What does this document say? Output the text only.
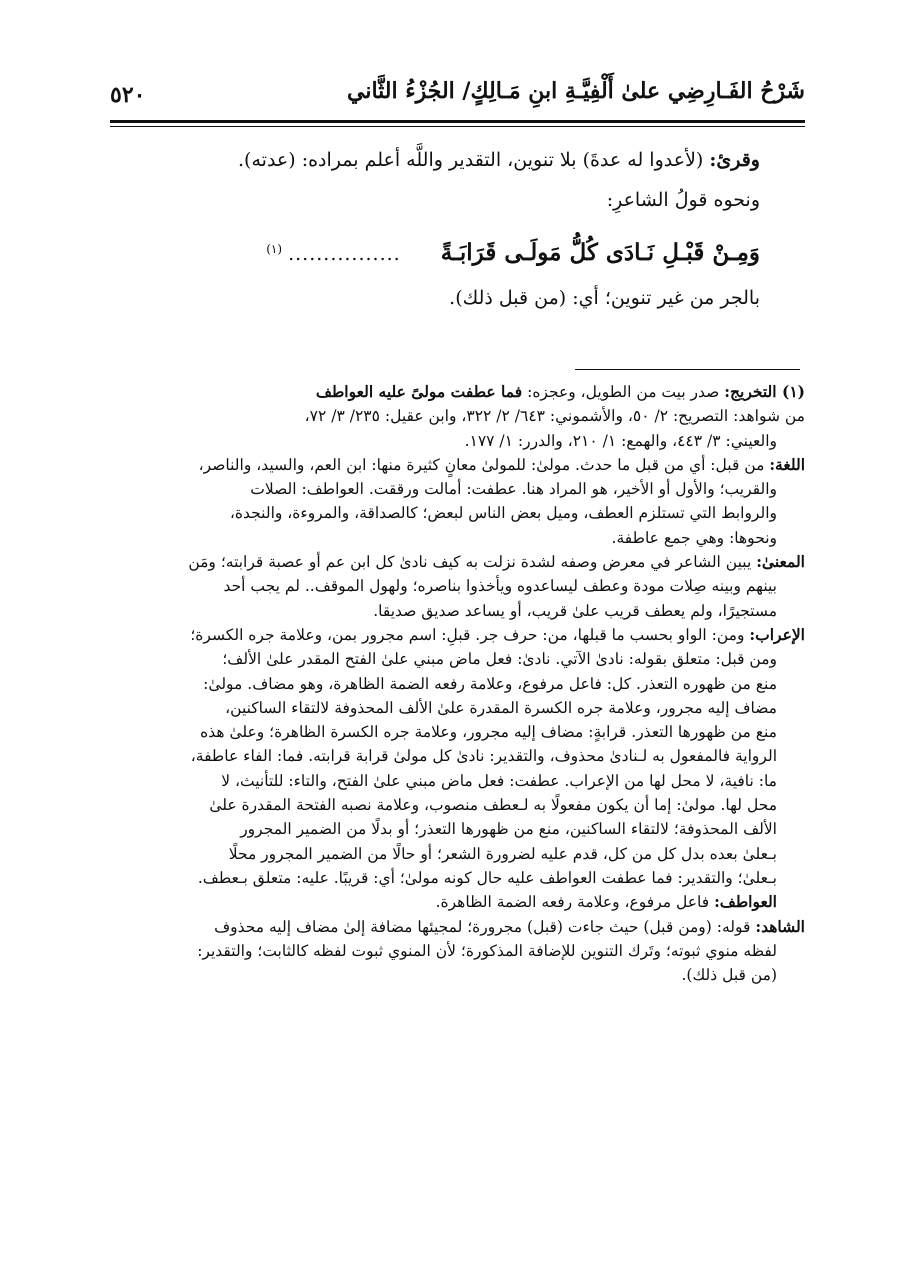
شَرْحُ الفَـارِضِي علىٰ أَلْفِيَّـةِ ابنِ مَـالِكٍ/ الجُزْءُ الثَّاني
٥٢٠

وقرئ: (لأعدوا له عدةَ) بلا تنوين، التقدير واللَّه أعلم بمراده: (عدته).

ونحوه قولُ الشاعرِ:

وَمِـنْ قَبْـلِ نَـادَى كُلُّ مَولَـى قَرَابَـةً ................ $^{(١)}$

بالجر من غير تنوين؛ أي: (من قبل ذلك).

(١) التخريج: صدر بيت من الطويل، وعجزه: فما عطفت مولىً عليه العواطف

من شواهد: التصريح: ٢/ ٥٠، والأشموني: ٦٤٣/ ٢/ ٣٢٢، وابن عقيل: ٢٣٥/ ٣/ ٧٢،

والعيني: ٣/ ٤٤٣، والهمع: ١/ ٢١٠، والدرر: ١/ ١٧٧.

اللغة: من قبل: أي من قبل ما حدث. مولىٰ: للمولىٰ معانٍ كثيرة منها: ابن العم، والسيد، والناصر،

والقريب؛ والأول أو الأخير، هو المراد هنا. عطفت: أمالت ورققت. العواطف: الصلات

والروابط التي تستلزم العطف، وميل بعض الناس لبعض؛ كالصداقة، والمروءة، والنجدة،

ونحوها: وهي جمع عاطفة.

المعنىٰ: يبين الشاعر في معرض وصفه لشدة نزلت به كيف نادىٰ كل ابن عم أو عصبة قرابته؛ ومَن

بينهم وبينه صِلات مودة وعطف ليساعدوه ويأخذوا بناصره؛ ولهول الموقف.. لم يجب أحد

مستجيرًا، ولم يعطف قريب علىٰ قريب، أو يساعد صديق صديقا.

الإعراب: ومن: الواو بحسب ما قبلها، من: حرف جر. قبلِ: اسم مجرور بمن، وعلامة جره الكسرة؛

ومن قبل: متعلق بقوله: نادىٰ الآتي. نادىٰ: فعل ماض مبني علىٰ الفتح المقدر علىٰ الألف؛

منع من ظهوره التعذر. كل: فاعل مرفوع، وعلامة رفعه الضمة الظاهرة، وهو مضاف. مولىٰ:

مضاف إليه مجرور، وعلامة جره الكسرة المقدرة علىٰ الألف المحذوفة لالتقاء الساكنين،

منع من ظهورها التعذر. قرابةٍ: مضاف إليه مجرور، وعلامة جره الكسرة الظاهرة؛ وعلىٰ هذه

الرواية فالمفعول به لـنادىٰ محذوف، والتقدير: نادىٰ كل مولىٰ قرابة قرابته. فما: الفاء عاطفة،

ما: نافية، لا محل لها من الإعراب. عطفت: فعل ماض مبني علىٰ الفتح، والتاء: للتأنيث، لا

محل لها. مولىٰ: إما أن يكون مفعولًا به لـعطف منصوب، وعلامة نصبه الفتحة المقدرة علىٰ

الألف المحذوفة؛ لالتقاء الساكنين، منع من ظهورها التعذر؛ أو بدلًا من الضمير المجرور

بـعلىٰ بعده بدل كل من كل، قدم عليه لضرورة الشعر؛ أو حالًا من الضمير المجرور محلًا

بـعلىٰ؛ والتقدير: فما عطفت العواطف عليه حال كونه مولىٰ؛ أي: قريبًا. عليه: متعلق بـعطف.

العواطف: فاعل مرفوع، وعلامة رفعه الضمة الظاهرة.

الشاهد: قوله: (ومن قبل) حيث جاءت (قبل) مجرورة؛ لمجيئها مضافة إلىٰ مضاف إليه محذوف

لفظه منوي ثبوته؛ وتَرك التنوين للإضافة المذكورة؛ لأن المنوي ثبوت لفظه كالثابت؛ والتقدير:

(من قبل ذلك).
